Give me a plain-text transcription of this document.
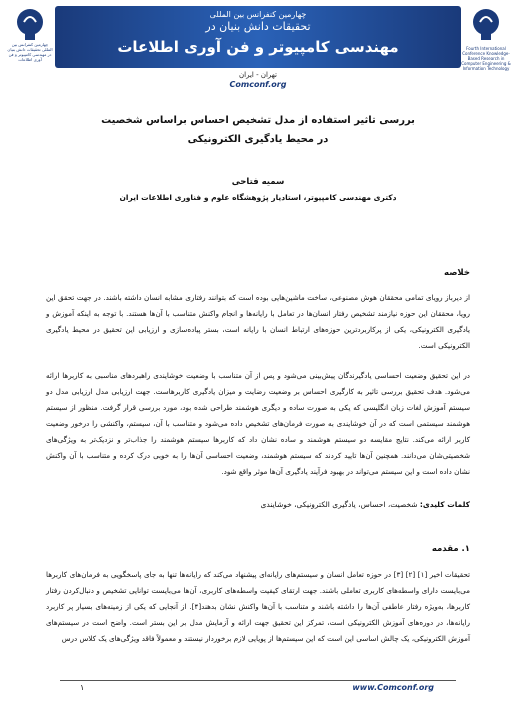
چهارمین کنفرانس بین المللی تحقیقات دانش بنیان در مهندسی کامپیوتر و فن آوری اطلاعات
چهارمین کنفرانس بین المللی
تحقیقات دانش بنیان در
مهندسی کامپیوتر و فن آوری اطلاعات	Fourth International Conference Knowledge-Based Research in Computer Engineering & Information Technology
تهران - ایران
Comconf.org
بررسی تاثیر استفاده از مدل تشخیص احساس براساس شخصیت
در محیط یادگیری الکترونیکی
سمیه فتاحی
دکتری مهندسی کامپیوتر، استادیار پژوهشگاه علوم و فناوری اطلاعات ایران
خلاصه

از دیرباز رویای تمامی محققان هوش مصنوعی، ساخت ماشین‌هایی بوده است که بتوانند رفتاری مشابه انسان داشته باشند. در جهت تحقق این رویا، محققان این حوزه نیازمند تشخیص رفتار انسان‌ها در تعامل با رایانه‌ها و انجام واکنش متناسب با آن‌ها هستند. با توجه به اینکه آموزش و یادگیری الکترونیکی، یکی از پرکاربردترین حوزه‌های ارتباط انسان با رایانه است، بستر پیاده‌سازی و ارزیابی این تحقیق در محیط یادگیری الکترونیکی است.

در این تحقیق وضعیت احساسی یادگیرندگان پیش‌بینی می‌شود و پس از آن متناسب با وضعیت خوشایندی راهبردهای مناسبی به کاربرها ارائه می‌شود. هدف تحقیق بررسی تاثیر به کارگیری احساس بر وضعیت رضایت و میزان یادگیری کاربرهاست. جهت ارزیابی مدل ارزیابی مدل دو سیستم آموزش لغات زبان انگلیسی که یکی به صورت ساده و دیگری هوشمند طراحی شده بود، مورد بررسی قرار گرفت. منظور از سیستم هوشمند سیستمی است که در آن خوشایندی به صورت فرمان‌های تشخیص داده می‌شود و متناسب با آن، سیستم، واکنشی را درخور وضعیت کاربر ارائه می‌کند. نتایج مقایسه دو سیستم هوشمند و ساده نشان داد که کاربرها سیستم هوشمند را جذاب‌تر و نزدیک‌تر به ویژگی‌های شخصیتی‌شان می‌دانند. همچنین آن‌ها تایید کردند که سیستم هوشمند، وضعیت احساسی آن‌ها را به خوبی درک کرده و متناسب با آن واکنش نشان داده است و این سیستم می‌تواند در بهبود فرآیند یادگیری آن‌ها موثر واقع شود.

کلمات کلیدی: شخصیت، احساس، یادگیری الکترونیکی، خوشایندی
۱. مقدمه

تحقیقات اخیر [۱] [۲] [۳] در حوزه تعامل انسان و سیستم‌های رایانه‌ای پیشنهاد می‌کند که رایانه‌ها تنها به جای پاسخگویی به فرمان‌های کاربرها می‌بایست دارای واسطه‌های کاربری تعاملی باشند. جهت ارتقای کیفیت واسطه‌های کاربری، آن‌ها می‌بایست توانایی تشخیص و دنبال‌کردن رفتار کاربرها، به‌ویژه رفتار عاطفی آن‌ها را داشته باشند و متناسب با آن‌ها واکنش نشان بدهند[۴]. از آنجایی که یکی از زمینه‌های بسیار پر کاربرد رایانه‌ها، در دوره‌های آموزش الکترونیکی است، تمرکز این تحقیق جهت ارائه و آزمایش مدل بر این بستر است. واضح است در سیستم‌های آموزش الکترونیکی، یک چالش اساسی این است که این سیستم‌ها از پویایی لازم برخوردار نیستند و معمولاً فاقد ویژگی‌های یک کلاس درس

۱	www.Comconf.org
